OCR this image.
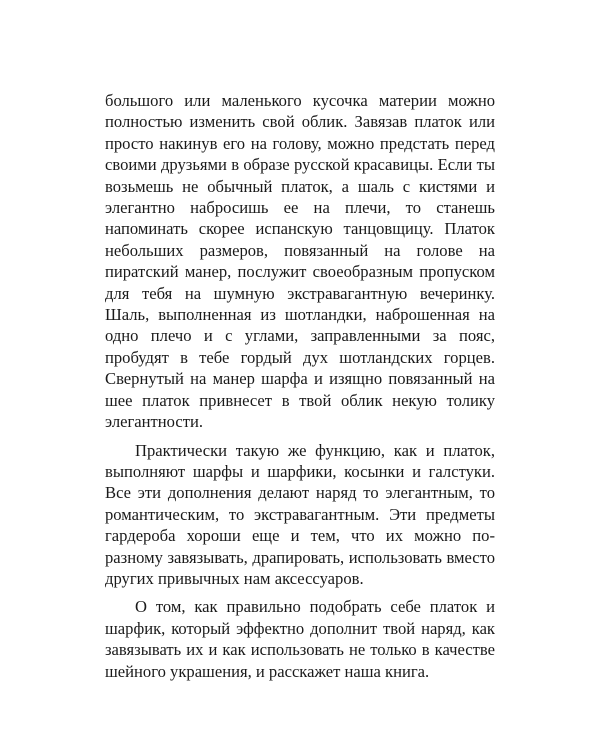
большого или маленького кусочка материи можно полностью изменить свой облик. Завязав платок или просто накинув его на голову, можно предстать перед своими друзьями в образе русской красавицы. Если ты возьмешь не обычный платок, а шаль с кистями и элегантно набросишь ее на плечи, то станешь напоминать скорее испанскую танцовщицу. Платок небольших размеров, повязанный на голове на пиратский манер, послужит своеобразным пропуском для тебя на шумную экстравагантную вечеринку. Шаль, выполненная из шотландки, наброшенная на одно плечо и с углами, заправленными за пояс, пробудят в тебе гордый дух шотландских горцев. Свернутый на манер шарфа и изящно повязанный на шее платок привнесет в твой облик некую толику элегантности.

Практически такую же функцию, как и платок, выполняют шарфы и шарфики, косынки и галстуки. Все эти дополнения делают наряд то элегантным, то романтическим, то экстравагантным. Эти предметы гардероба хороши еще и тем, что их можно по-разному завязывать, драпировать, использовать вместо других привычных нам аксессуаров.

О том, как правильно подобрать себе платок и шарфик, который эффектно дополнит твой наряд, как завязывать их и как использовать не только в качестве шейного украшения, и расскажет наша книга.
